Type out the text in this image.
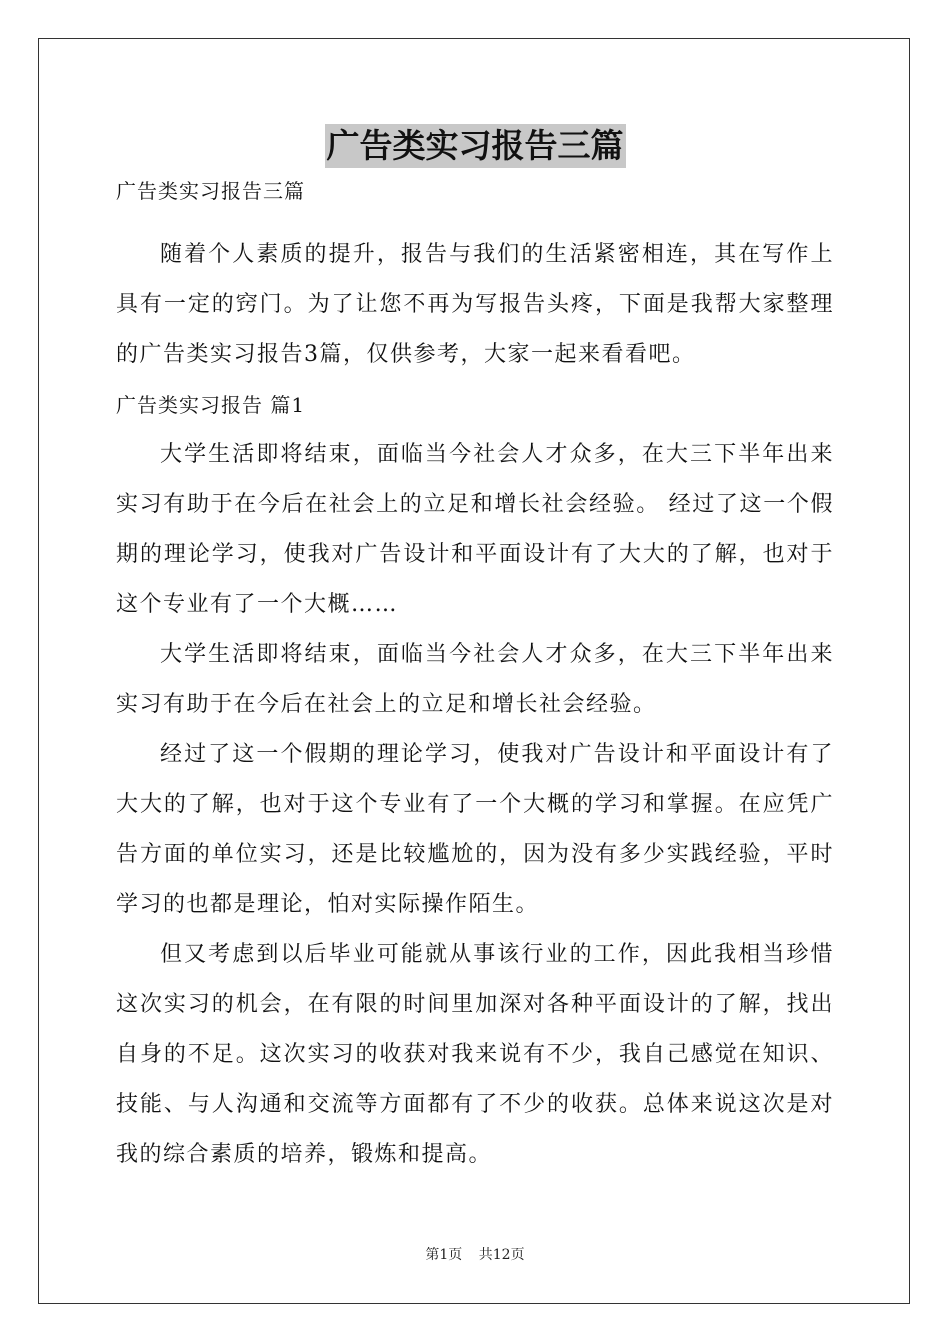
广告类实习报告三篇

广告类实习报告三篇

随着个人素质的提升，报告与我们的生活紧密相连，其在写作上具有一定的窍门。为了让您不再为写报告头疼，下面是我帮大家整理的广告类实习报告3篇，仅供参考，大家一起来看看吧。

广告类实习报告 篇1

大学生活即将结束，面临当今社会人才众多，在大三下半年出来实习有助于在今后在社会上的立足和增长社会经验。 经过了这一个假期的理论学习，使我对广告设计和平面设计有了大大的了解，也对于这个专业有了一个大概……

大学生活即将结束，面临当今社会人才众多，在大三下半年出来实习有助于在今后在社会上的立足和增长社会经验。

经过了这一个假期的理论学习，使我对广告设计和平面设计有了大大的了解，也对于这个专业有了一个大概的学习和掌握。在应凭广告方面的单位实习，还是比较尴尬的，因为没有多少实践经验，平时学习的也都是理论，怕对实际操作陌生。

但又考虑到以后毕业可能就从事该行业的工作，因此我相当珍惜这次实习的机会，在有限的时间里加深对各种平面设计的了解，找出自身的不足。这次实习的收获对我来说有不少，我自己感觉在知识、技能、与人沟通和交流等方面都有了不少的收获。总体来说这次是对我的综合素质的培养，锻炼和提高。

第1页 共12页
